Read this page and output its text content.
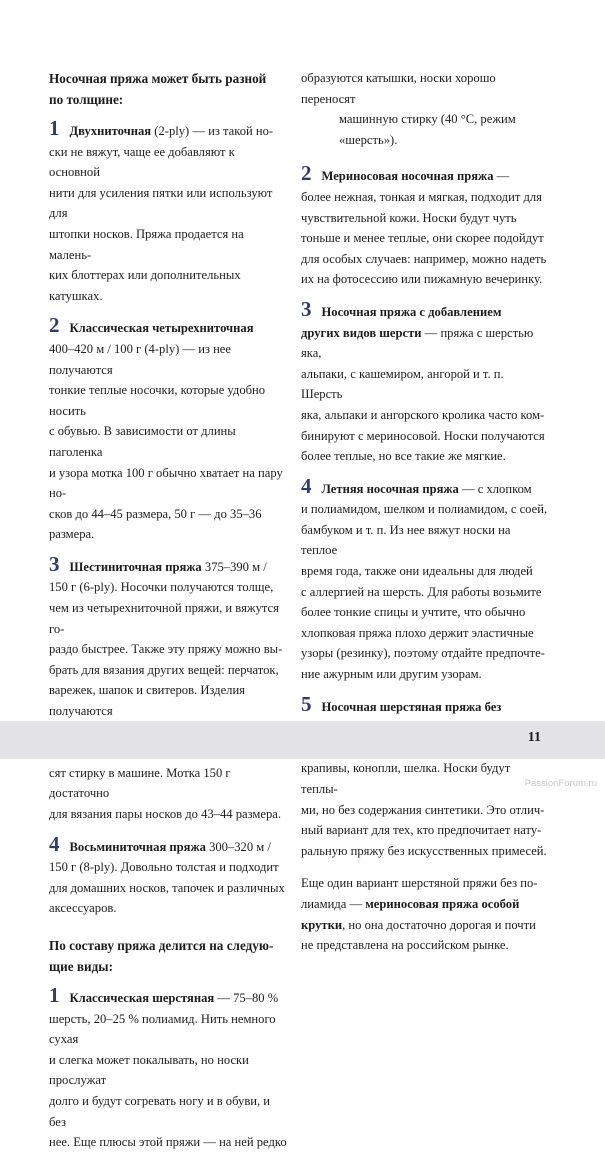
Носочная пряжа может быть разной
по толщине:

1 Двухниточная (2-ply) — из такой но-

ски не вяжут, чаще ее добавляют к основной

нити для усиления пятки или используют для

штопки носков. Пряжа продается на малень-

ких блоттерах или дополнительных катушках.

2 Классическая четырехниточная

400–420 м / 100 г (4-ply) — из нее получаются

тонкие теплые носочки, которые удобно носить

с обувью. В зависимости от длины паголенка

и узора мотка 100 г обычно хватает на пару но-

сков до 44–45 размера, 50 г — до 35–36 размера.

3 Шестиниточная пряжа 375–390 м /

150 г (6-ply). Носочки получаются толще,

чем из четырехниточной пряжи, и вяжутся го-

раздо быстрее. Также эту пряжу можно вы-

брать для вязания других вещей: перчаток,

варежек, шапок и свитеров. Изделия получаются

сят стирку в машине. Мотка 150 г достаточно

для вязания пары носков до 43–44 размера.

4 Восьминиточная пряжа 300–320 м /

150 г (8-ply). Довольно толстая и подходит

для домашних носков, тапочек и различных

аксессуаров.

По составу пряжа делится на следую-
щие виды:

1 Классическая шерстяная — 75–80 %

шерсть, 20–25 % полиамид. Нить немного сухая

и слегка может покалывать, но носки прослужат

долго и будут согревать ногу и в обуви, и без

нее. Еще плюсы этой пряжи — на ней редко

образуются катышки, носки хорошо переносят

машинную стирку (40 °С, режим «шерсть»).

2 Мериносовая носочная пряжа —

более нежная, тонкая и мягкая, подходит для

чувствительной кожи. Носки будут чуть

тоньше и менее теплые, они скорее подойдут

для особых случаев: например, можно надеть

их на фотосессию или пижамную вечеринку.

3 Носочная пряжа с добавлением

других видов шерсти — пряжа с шерстью яка,

альпаки, с кашемиром, ангорой и т. п. Шерсть

яка, альпаки и ангорского кролика часто ком-

бинируют с мериносовой. Носки получаются

более теплые, но все такие же мягкие.

4 Летняя носочная пряжа — с хлопком

и полиамидом, шелком и полиамидом, с соей,

бамбуком и т. п. Из нее вяжут носки на теплое

время года, также они идеальны для людей

с аллергией на шерсть. Для работы возьмите

более тонкие спицы и учтите, что обычно

хлопковая пряжа плохо держит эластичные

узоры (резинку), поэтому отдайте предпочте-

ние ажурным или другим узорам.

5 Носочная шерстяная пряжа без

крапивы, конопли, шелка. Носки будут теплы-

ми, но без содержания синтетики. Это отлич-

ный вариант для тех, кто предпочитает нату-

ральную пряжу без искусственных примесей.

Еще один вариант шерстяной пряжи без по-

лиамида — мериносовая пряжа особой

крутки, но она достаточно дорогая и почти

не представлена на российском рынке.

11
PassionForum.ru
